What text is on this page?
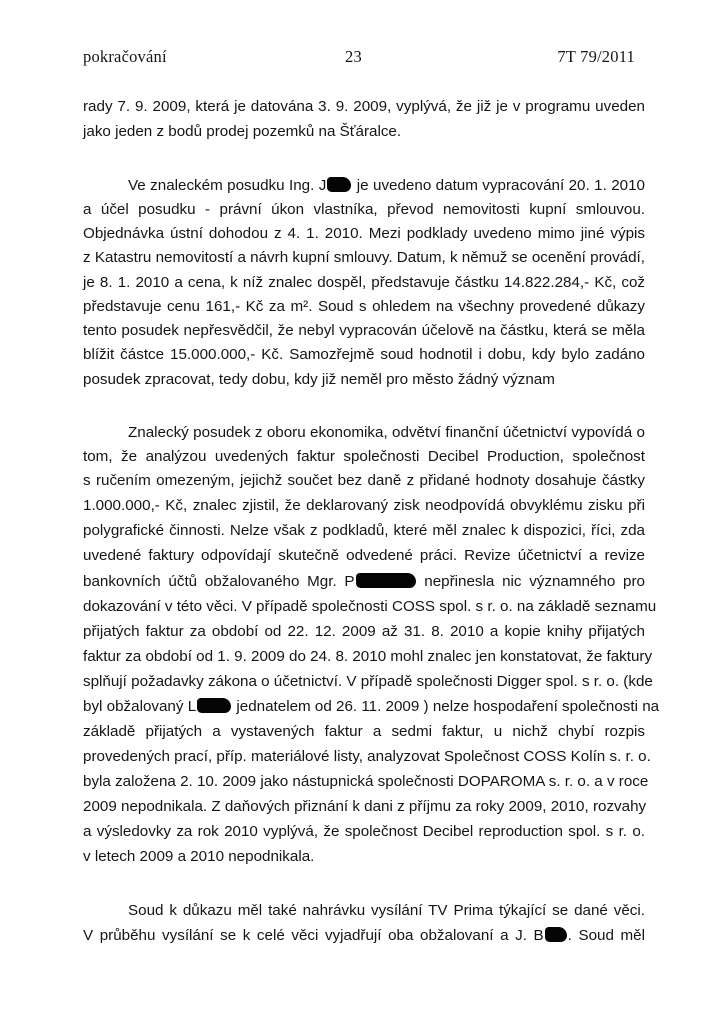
pokračování	23	7T 79/2011
rady 7. 9. 2009, která je datována 3. 9. 2009, vyplývá, že již je v programu uveden
jako jeden z bodů prodej pozemků na Šťáralce.
Ve znaleckém posudku Ing. J je uvedeno datum vypracování 20. 1. 2010
a účel posudku - právní úkon vlastníka, převod nemovitosti kupní smlouvou.
Objednávka ústní dohodou z 4. 1. 2010. Mezi podklady uvedeno mimo jiné výpis
z Katastru nemovitostí a návrh kupní smlouvy. Datum, k němuž se ocenění provádí,
je 8. 1. 2010 a cena, k níž znalec dospěl, představuje částku 14.822.284,- Kč, což
představuje cenu 161,- Kč za m². Soud s ohledem na všechny provedené důkazy
tento posudek nepřesvědčil, že nebyl vypracován účelově na částku, která se měla
blížit částce 15.000.000,- Kč. Samozřejmě soud hodnotil i dobu, kdy bylo zadáno
posudek zpracovat, tedy dobu, kdy již neměl pro město žádný význam
Znalecký posudek z oboru ekonomika, odvětví finanční účetnictví vypovídá o
tom, že analýzou uvedených faktur společnosti Decibel Production, společnost
s ručením omezeným, jejichž součet bez daně z přidané hodnoty dosahuje částky
1.000.000,- Kč, znalec zjistil, že deklarovaný zisk neodpovídá obvyklému zisku při
polygrafické činnosti. Nelze však z podkladů, které měl znalec k dispozici, říci, zda
uvedené faktury odpovídají skutečně odvedené práci. Revize účetnictví a revize
bankovních účtů obžalovaného Mgr. P	nepřinesla nic významného pro
dokazování v této věci. V případě společnosti COSS spol. s r. o. na základě seznamu
přijatých faktur za období od 22. 12. 2009 až 31. 8. 2010 a kopie knihy přijatých
faktur za období od 1. 9. 2009 do 24. 8. 2010 mohl znalec jen konstatovat, že faktury
splňují požadavky zákona o účetnictví. V případě společnosti Digger spol. s r. o. (kde
byl obžalovaný L	jednatelem od 26. 11. 2009 ) nelze hospodaření společnosti na
základě přijatých a vystavených faktur a sedmi faktur, u nichž chybí rozpis
provedených prací, příp. materiálové listy, analyzovat Společnost COSS Kolín s. r. o.
byla založena 2. 10. 2009 jako nástupnická společnosti DOPAROMA s. r. o. a v roce
2009 nepodnikala. Z daňových přiznání k dani z příjmu za roky 2009, 2010, rozvahy
a výsledovky za rok 2010 vyplývá, že společnost Decibel reproduction spol. s r. o.
v letech 2009 a 2010 nepodnikala.
Soud k důkazu měl také nahrávku vysílání TV Prima týkající se dané věci.
V průběhu vysílání se k celé věci vyjadřují oba obžalovaní a J. B . Soud měl
